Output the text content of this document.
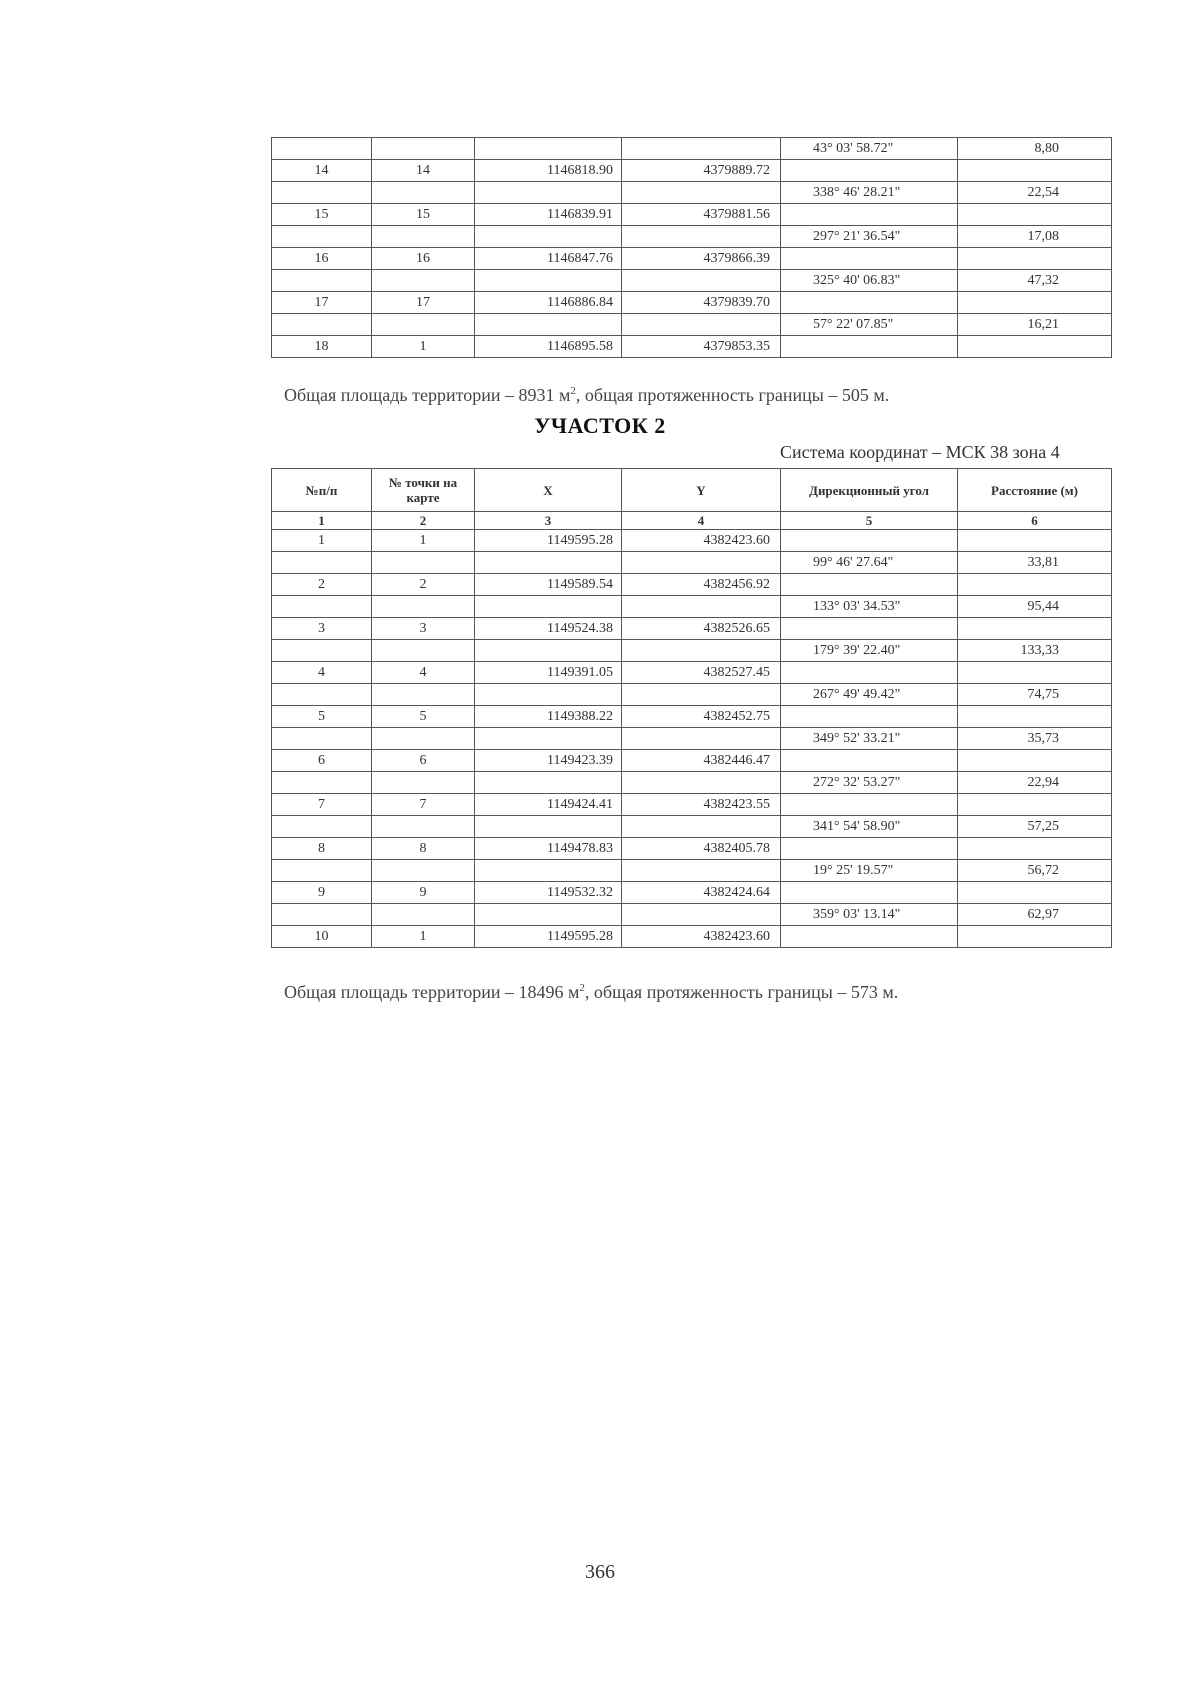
				43° 03' 58.72"	8,80
14	14	1146818.90	4379889.72		
				338° 46' 28.21"	22,54
15	15	1146839.91	4379881.56		
				297° 21' 36.54"	17,08
16	16	1146847.76	4379866.39		
				325° 40' 06.83"	47,32
17	17	1146886.84	4379839.70		
				57° 22' 07.85"	16,21
18	1	1146895.58	4379853.35		
Общая площадь территории – 8931 $м^2$, общая протяженность границы – 505 м.
УЧАСТОК 2
Система координат – МСК 38 зона 4
№п/п	№ точки на карте	X	Y	Дирекционный угол	Расстояние (м)
1	2	3	4	5	6
1	1	1149595.28	4382423.60		
				99° 46' 27.64"	33,81
2	2	1149589.54	4382456.92		
				133° 03' 34.53"	95,44
3	3	1149524.38	4382526.65		
				179° 39' 22.40"	133,33
4	4	1149391.05	4382527.45		
				267° 49' 49.42"	74,75
5	5	1149388.22	4382452.75		
				349° 52' 33.21"	35,73
6	6	1149423.39	4382446.47		
				272° 32' 53.27"	22,94
7	7	1149424.41	4382423.55		
				341° 54' 58.90"	57,25
8	8	1149478.83	4382405.78		
				19° 25' 19.57"	56,72
9	9	1149532.32	4382424.64		
				359° 03' 13.14"	62,97
10	1	1149595.28	4382423.60		
Общая площадь территории – 18496 $м^2$, общая протяженность границы – 573 м.
366
